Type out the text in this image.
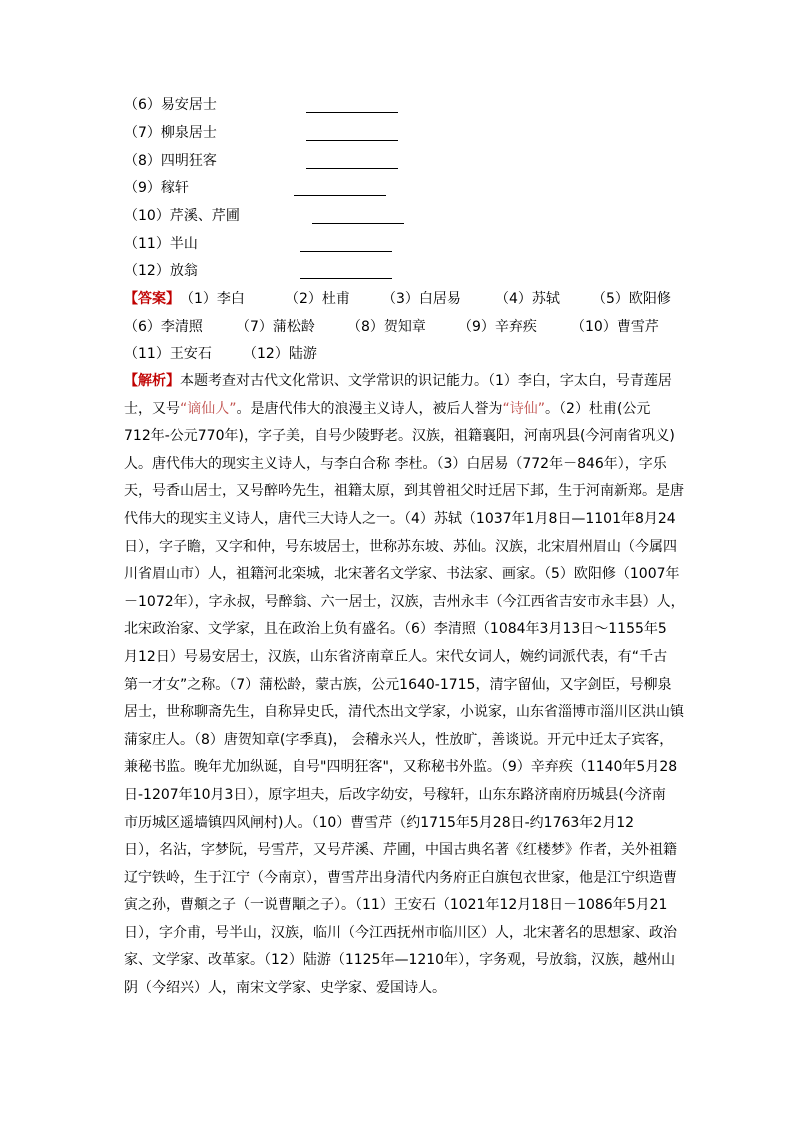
（6）易安居士
（7）柳泉居士
（8）四明狂客
（9）稼轩
（10）芹溪、芹圃
（11）半山
（12）放翁
【答案】（1）李白	（2）杜甫 （3）白居易 （4）苏轼 （5）欧阳修
（6）李清照 （7）蒲松龄 （8）贺知章 （9）辛弃疾 （10）曹雪芹
（11）王安石 （12）陆游

【解析】本题考查对古代文化常识、文学常识的识记能力。（1）李白，字太白，号青莲居

士，又号“谪仙人”。是唐代伟大的浪漫主义诗人，被后人誉为“诗仙”。（2）杜甫(公元

712年-公元770年)，字子美，自号少陵野老。汉族，祖籍襄阳，河南巩县(今河南省巩义)

人。唐代伟大的现实主义诗人，与李白合称 李杜。（3）白居易（772年－846年），字乐

天，号香山居士，又号醉吟先生，祖籍太原，到其曾祖父时迁居下邽，生于河南新郑。是唐

代伟大的现实主义诗人，唐代三大诗人之一。（4）苏轼（1037年1月8日—1101年8月24

日），字子瞻，又字和仲，号东坡居士，世称苏东坡、苏仙。汉族，北宋眉州眉山（今属四

川省眉山市）人，祖籍河北栾城，北宋著名文学家、书法家、画家。（5）欧阳修（1007年

－1072年），字永叔，号醉翁、六一居士，汉族，吉州永丰（今江西省吉安市永丰县）人，

北宋政治家、文学家，且在政治上负有盛名。（6）李清照（1084年3月13日～1155年5

月12日）号易安居士，汉族，山东省济南章丘人。宋代女词人，婉约词派代表，有“千古

第一才女”之称。（7）蒲松龄，蒙古族，公元1640-1715，清字留仙，又字剑臣，号柳泉

居士，世称聊斋先生，自称异史氏，清代杰出文学家，小说家，山东省淄博市淄川区洪山镇

蒲家庄人。（8）唐贺知章(字季真)， 会稽永兴人，性放旷，善谈说。开元中迁太子宾客，

兼秘书监。晚年尤加纵诞，自号"四明狂客"，又称秘书外监。（9）辛弃疾（1140年5月28

日-1207年10月3日），原字坦夫，后改字幼安，号稼轩，山东东路济南府历城县(今济南

市历城区遥墙镇四风闸村)人。（10）曹雪芹（约1715年5月28日-约1763年2月12

日），名沾，字梦阮，号雪芹，又号芹溪、芹圃，中国古典名著《红楼梦》作者，关外祖籍

辽宁铁岭，生于江宁（今南京），曹雪芹出身清代内务府正白旗包衣世家，他是江宁织造曹

寅之孙，曹頫之子（一说曹顒之子）。（11）王安石（1021年12月18日－1086年5月21

日），字介甫，号半山，汉族，临川（今江西抚州市临川区）人，北宋著名的思想家、政治

家、文学家、改革家。（12）陆游（1125年—1210年），字务观，号放翁，汉族，越州山

阴（今绍兴）人，南宋文学家、史学家、爱国诗人。
